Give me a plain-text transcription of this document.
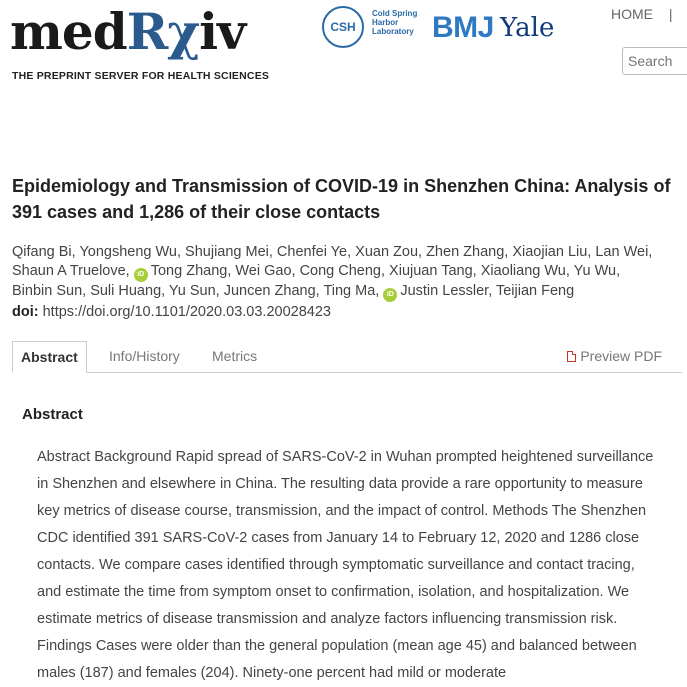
medRχiv
THE PREPRINT SERVER FOR HEALTH SCIENCES
CSH
Cold Spring Harbor Laboratory BMJ Yale	HOME |
Search
Epidemiology and Transmission of COVID-19 in Shenzhen China: Analysis of 391 cases and 1,286 of their close contacts
Qifang Bi, Yongsheng Wu, Shujiang Mei, Chenfei Ye, Xuan Zou, Zhen Zhang, Xiaojian Liu, Lan Wei,
Shaun A Truelove, iD Tong Zhang, Wei Gao, Cong Cheng, Xiujuan Tang, Xiaoliang Wu, Yu Wu,
Binbin Sun, Suli Huang, Yu Sun, Juncen Zhang, Ting Ma, iD Justin Lessler, Teijian Feng
doi: https://doi.org/10.1101/2020.03.03.20028423
Abstract	Info/History	Metrics	Preview PDF
Abstract
Abstract Background Rapid spread of SARS-CoV-2 in Wuhan prompted heightened surveillance in Shenzhen and elsewhere in China. The resulting data provide a rare opportunity to measure key metrics of disease course, transmission, and the impact of control. Methods The Shenzhen CDC identified 391 SARS-CoV-2 cases from January 14 to February 12, 2020 and 1286 close contacts. We compare cases identified through symptomatic surveillance and contact tracing, and estimate the time from symptom onset to confirmation, isolation, and hospitalization. We estimate metrics of disease transmission and analyze factors influencing transmission risk. Findings Cases were older than the general population (mean age 45) and balanced between males (187) and females (204). Ninety-one percent had mild or moderate
